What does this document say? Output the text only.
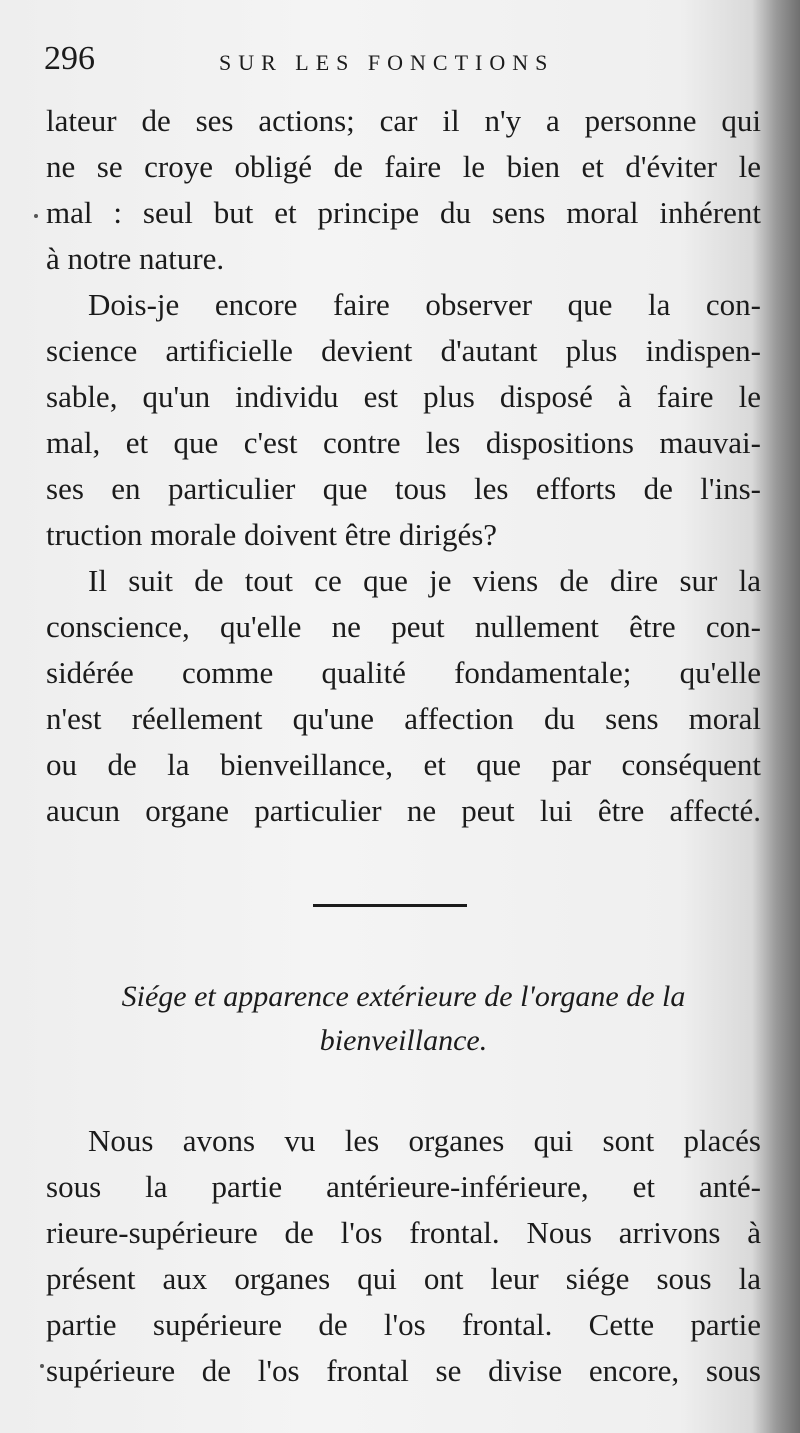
296	SUR LES FONCTIONS
lateur de ses actions; car il n'y a personne qui
ne se croye obligé de faire le bien et d'éviter le
mal : seul but et principe du sens moral inhérent
à notre nature.
Dois-je encore faire observer que la con-
science artificielle devient d'autant plus indispen-
sable, qu'un individu est plus disposé à faire le
mal, et que c'est contre les dispositions mauvai-
ses en particulier que tous les efforts de l'ins-
truction morale doivent être dirigés?
Il suit de tout ce que je viens de dire sur la
conscience, qu'elle ne peut nullement être con-
sidérée comme qualité fondamentale; qu'elle
n'est réellement qu'une affection du sens moral
ou de la bienveillance, et que par conséquent
aucun organe particulier ne peut lui être affecté.
Siége et apparence extérieure de l'organe de la
bienveillance.
Nous avons vu les organes qui sont placés
sous la partie antérieure-inférieure, et anté-
rieure-supérieure de l'os frontal. Nous arrivons à
présent aux organes qui ont leur siége sous la
partie supérieure de l'os frontal. Cette partie
supérieure de l'os frontal se divise encore, sous
